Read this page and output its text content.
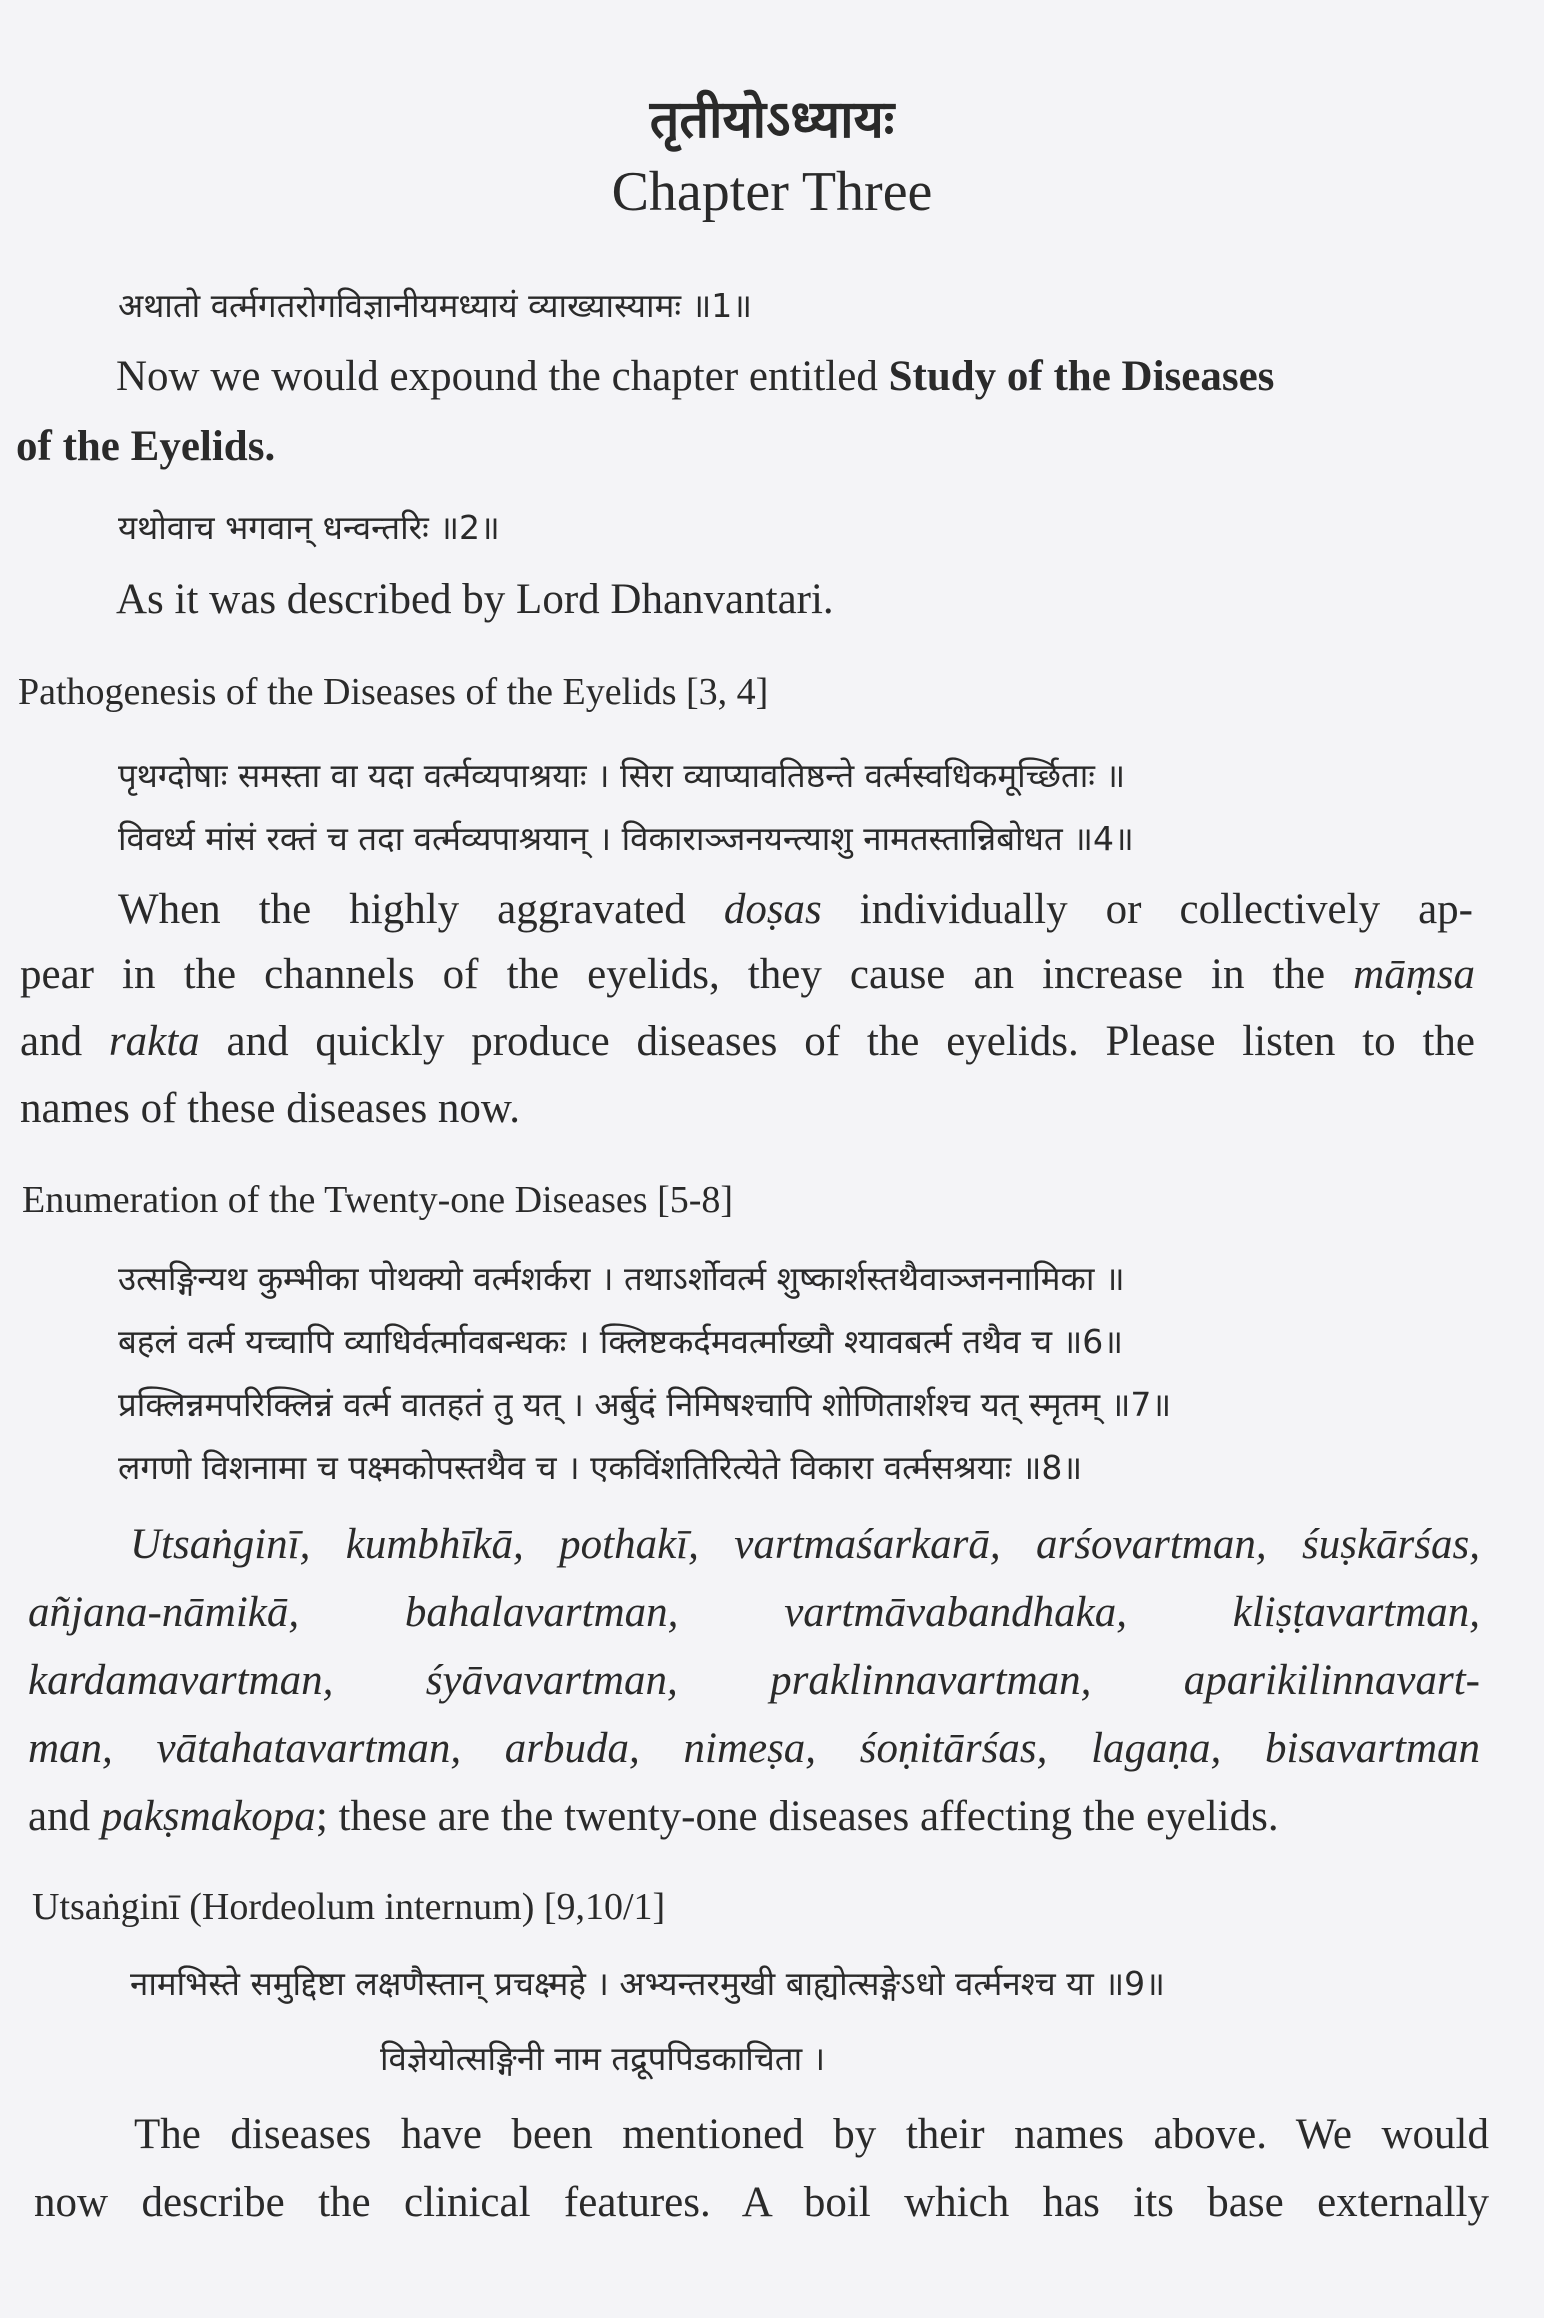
तृतीयोऽध्यायः
Chapter Three
अथातो वर्त्मगतरोगविज्ञानीयमध्यायं व्याख्यास्यामः ॥1॥
Now we would expound the chapter entitled Study of the Diseases
of the Eyelids.
यथोवाच भगवान् धन्वन्तरिः ॥2॥
As it was described by Lord Dhanvantari.
Pathogenesis of the Diseases of the Eyelids [3, 4]
पृथग्दोषाः समस्ता वा यदा वर्त्मव्यपाश्रयाः । सिरा व्याप्यावतिष्ठन्ते वर्त्मस्वधिकमूर्च्छिताः ॥
विवर्ध्य मांसं रक्तं च तदा वर्त्मव्यपाश्रयान् । विकाराञ्जनयन्त्याशु नामतस्तान्निबोधत ॥4॥
When the highly aggravated doṣas individually or collectively ap-
pear in the channels of the eyelids, they cause an increase in the māṃsa
and rakta and quickly produce diseases of the eyelids. Please listen to the
names of these diseases now.
Enumeration of the Twenty-one Diseases [5-8]
उत्सङ्गिन्यथ कुम्भीका पोथक्यो वर्त्मशर्करा । तथाऽर्शोवर्त्म शुष्कार्शस्तथैवाञ्जननामिका ॥
बहलं वर्त्म यच्चापि व्याधिर्वर्त्मावबन्धकः । क्लिष्टकर्दमवर्त्माख्यौ श्यावबर्त्म तथैव च ॥6॥
प्रक्लिन्नमपरिक्लिन्नं वर्त्म वातहतं तु यत् । अर्बुदं निमिषश्चापि शोणितार्शश्च यत् स्मृतम् ॥7॥
लगणो विशनामा च पक्ष्मकोपस्तथैव च । एकविंशतिरित्येते विकारा वर्त्मसश्रयाः ॥8॥
Utsaṅginī, kumbhīkā, pothakī, vartmaśarkarā, arśovartman, śuṣkārśas,
añjana-nāmikā, bahalavartman, vartmāvabandhaka, kliṣṭavartman,
kardamavartman, śyāvavartman, praklinnavartman, aparikilinnavart-
man, vātahatavartman, arbuda, nimeṣa, śoṇitārśas, lagaṇa, bisavartman
and pakṣmakopa; these are the twenty-one diseases affecting the eyelids.
Utsaṅginī (Hordeolum internum) [9,10/1]
नामभिस्ते समुद्दिष्टा लक्षणैस्तान् प्रचक्ष्महे । अभ्यन्तरमुखी बाह्योत्सङ्गेऽधो वर्त्मनश्च या ॥9॥
विज्ञेयोत्सङ्गिनी नाम तद्रूपपिडकाचिता ।
The diseases have been mentioned by their names above. We would
now describe the clinical features. A boil which has its base externally
